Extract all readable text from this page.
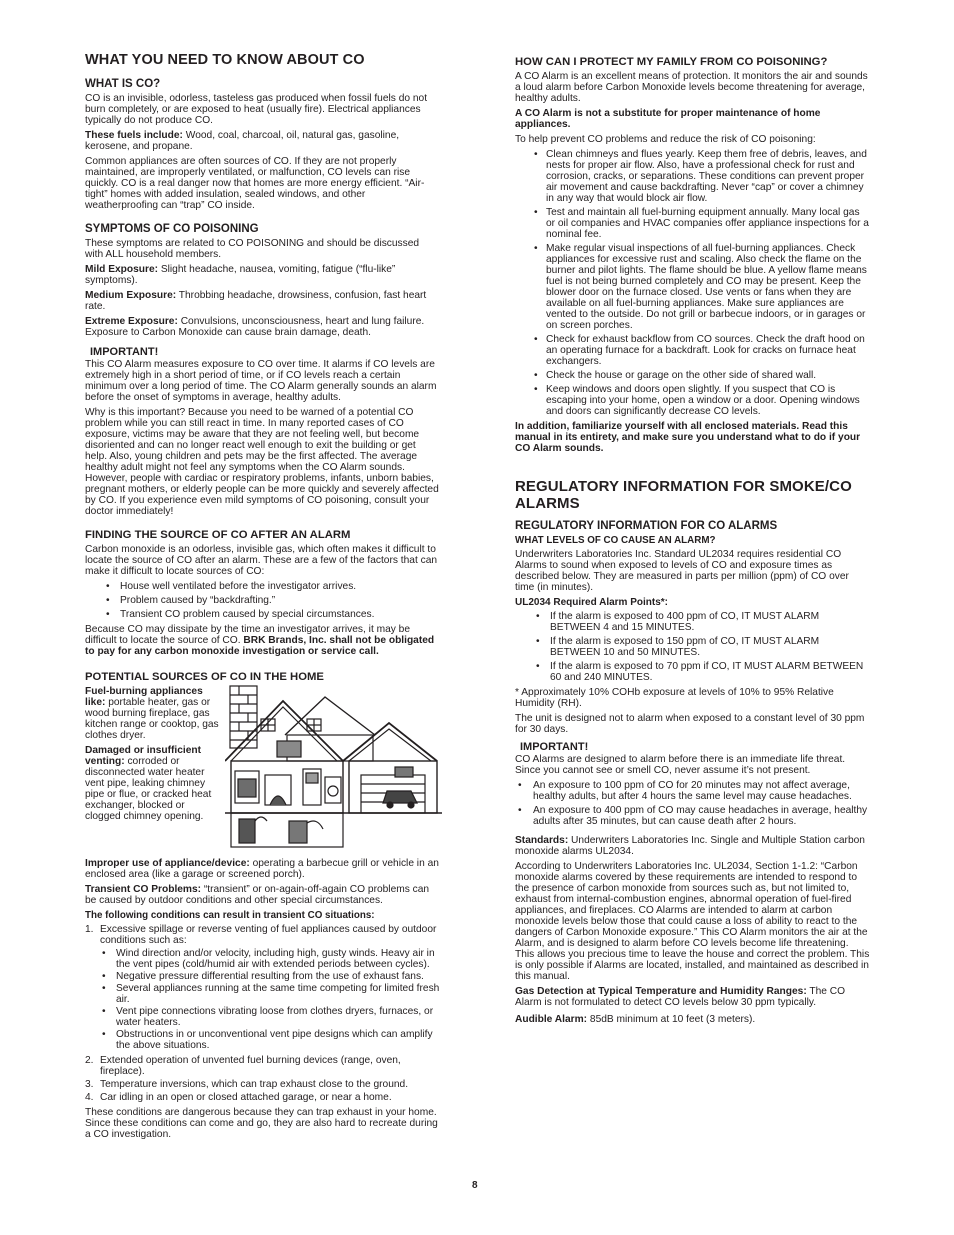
WHAT YOU NEED TO KNOW ABOUT CO
WHAT IS CO?

CO is an invisible, odorless, tasteless gas produced when fossil fuels do not burn completely, or are exposed to heat (usually fire). Electrical appliances typically do not produce CO.

These fuels include: Wood, coal, charcoal, oil, natural gas, gasoline, kerosene, and propane.

Common appliances are often sources of CO. If they are not properly maintained, are improperly ventilated, or malfunction, CO levels can rise quickly. CO is a real danger now that homes are more energy efficient. “Air-tight” homes with added insulation, sealed windows, and other weatherproofing can “trap” CO inside.

SYMPTOMS OF CO POISONING

These symptoms are related to CO POISONING and should be discussed with ALL household members.

Mild Exposure: Slight headache, nausea, vomiting, fatigue (“flu-like” symptoms).

Medium Exposure: Throbbing headache, drowsiness, confusion, fast heart rate.

Extreme Exposure: Convulsions, unconsciousness, heart and lung failure. Exposure to Carbon Monoxide can cause brain damage, death.

IMPORTANT!

This CO Alarm measures exposure to CO over time. It alarms if CO levels are extremely high in a short period of time, or if CO levels reach a certain minimum over a long period of time. The CO Alarm generally sounds an alarm before the onset of symptoms in average, healthy adults.

Why is this important? Because you need to be warned of a potential CO problem while you can still react in time. In many reported cases of CO exposure, victims may be aware that they are not feeling well, but become disoriented and can no longer react well enough to exit the building or get help. Also, young children and pets may be the first affected. The average healthy adult might not feel any symptoms when the CO Alarm sounds. However, people with cardiac or respiratory problems, infants, unborn babies, pregnant mothers, or elderly people can be more quickly and severely affected by CO. If you experience even mild symptoms of CO poisoning, consult your doctor immediately!

FINDING THE SOURCE OF CO AFTER AN ALARM

Carbon monoxide is an odorless, invisible gas, which often makes it difficult to locate the source of CO after an alarm. These are a few of the factors that can make it difficult to locate sources of CO:

• House well ventilated before the investigator arrives.
• Problem caused by “backdrafting.”
• Transient CO problem caused by special circumstances.

Because CO may dissipate by the time an investigator arrives, it may be difficult to locate the source of CO. BRK Brands, Inc. shall not be obligated to pay for any carbon monoxide investigation or service call.

POTENTIAL SOURCES OF CO IN THE HOME

Fuel-burning appliances like: portable heater, gas or wood burning fireplace, gas kitchen range or cooktop, gas clothes dryer.

Damaged or insufficient venting: corroded or disconnected water heater vent pipe, leaking chimney pipe or flue, or cracked heat exchanger, blocked or clogged chimney opening.

Improper use of appliance/device: operating a barbecue grill or vehicle in an enclosed area (like a garage or screened porch).

Transient CO Problems: “transient” or on-again-off-again CO problems can be caused by outdoor conditions and other special circumstances.

The following conditions can result in transient CO situations:
1. Excessive spillage or reverse venting of fuel appliances caused by outdoor conditions such as:
• Wind direction and/or velocity, including high, gusty winds. Heavy air in the vent pipes (cold/humid air with extended periods between cycles).
• Negative pressure differential resulting from the use of exhaust fans.
• Several appliances running at the same time competing for limited fresh air.
• Vent pipe connections vibrating loose from clothes dryers, furnaces, or water heaters.
• Obstructions in or unconventional vent pipe designs which can amplify the above situations.
2. Extended operation of unvented fuel burning devices (range, oven, fireplace).
3. Temperature inversions, which can trap exhaust close to the ground.
4. Car idling in an open or closed attached garage, or near a home.

These conditions are dangerous because they can trap exhaust in your home. Since these conditions can come and go, they are also hard to recreate during a CO investigation.

HOW CAN I PROTECT MY FAMILY FROM CO POISONING?

A CO Alarm is an excellent means of protection. It monitors the air and sounds a loud alarm before Carbon Monoxide levels become threatening for average, healthy adults.

A CO Alarm is not a substitute for proper maintenance of home appliances.

To help prevent CO problems and reduce the risk of CO poisoning:

• Clean chimneys and flues yearly. Keep them free of debris, leaves, and nests for proper air flow. Also, have a professional check for rust and corrosion, cracks, or separations. These conditions can prevent proper air movement and cause backdrafting. Never “cap” or cover a chimney in any way that would block air flow.
• Test and maintain all fuel-burning equipment annually. Many local gas or oil companies and HVAC companies offer appliance inspections for a nominal fee.
• Make regular visual inspections of all fuel-burning appliances. Check appliances for excessive rust and scaling. Also check the flame on the burner and pilot lights. The flame should be blue. A yellow flame means fuel is not being burned completely and CO may be present. Keep the blower door on the furnace closed. Use vents or fans when they are available on all fuel-burning appliances. Make sure appliances are vented to the outside. Do not grill or barbecue indoors, or in garages or on screen porches.
• Check for exhaust backflow from CO sources. Check the draft hood on an operating furnace for a backdraft. Look for cracks on furnace heat exchangers.
• Check the house or garage on the other side of shared wall.
• Keep windows and doors open slightly. If you suspect that CO is escaping into your home, open a window or a door. Opening windows and doors can significantly decrease CO levels.

In addition, familiarize yourself with all enclosed materials. Read this manual in its entirety, and make sure you understand what to do if your CO Alarm sounds.

REGULATORY INFORMATION FOR SMOKE/CO ALARMS
REGULATORY INFORMATION FOR CO ALARMS
WHAT LEVELS OF CO CAUSE AN ALARM?

Underwriters Laboratories Inc. Standard UL2034 requires residential CO Alarms to sound when exposed to levels of CO and exposure times as described below. They are measured in parts per million (ppm) of CO over time (in minutes).

UL2034 Required Alarm Points*:
• If the alarm is exposed to 400 ppm of CO, IT MUST ALARM BETWEEN 4 and 15 MINUTES.
• If the alarm is exposed to 150 ppm of CO, IT MUST ALARM BETWEEN 10 and 50 MINUTES.
• If the alarm is exposed to 70 ppm if CO, IT MUST ALARM BETWEEN 60 and 240 MINUTES.

* Approximately 10% COHb exposure at levels of 10% to 95% Relative Humidity (RH).

The unit is designed not to alarm when exposed to a constant level of 30 ppm for 30 days.

IMPORTANT!

CO Alarms are designed to alarm before there is an immediate life threat. Since you cannot see or smell CO, never assume it’s not present.

• An exposure to 100 ppm of CO for 20 minutes may not affect average, healthy adults, but after 4 hours the same level may cause headaches.
• An exposure to 400 ppm of CO may cause headaches in average, healthy adults after 35 minutes, but can cause death after 2 hours.

Standards: Underwriters Laboratories Inc. Single and Multiple Station carbon monoxide alarms UL2034.

According to Underwriters Laboratories Inc. UL2034, Section 1-1.2: “Carbon monoxide alarms covered by these requirements are intended to respond to the presence of carbon monoxide from sources such as, but not limited to, exhaust from internal-combustion engines, abnormal operation of fuel-fired appliances, and fireplaces. CO Alarms are intended to alarm at carbon monoxide levels below those that could cause a loss of ability to react to the dangers of Carbon Monoxide exposure.” This CO Alarm monitors the air at the Alarm, and is designed to alarm before CO levels become life threatening. This allows you precious time to leave the house and correct the problem. This is only possible if Alarms are located, installed, and maintained as described in this manual.

Gas Detection at Typical Temperature and Humidity Ranges: The CO Alarm is not formulated to detect CO levels below 30 ppm typically.

Audible Alarm: 85dB minimum at 10 feet (3 meters).

8
